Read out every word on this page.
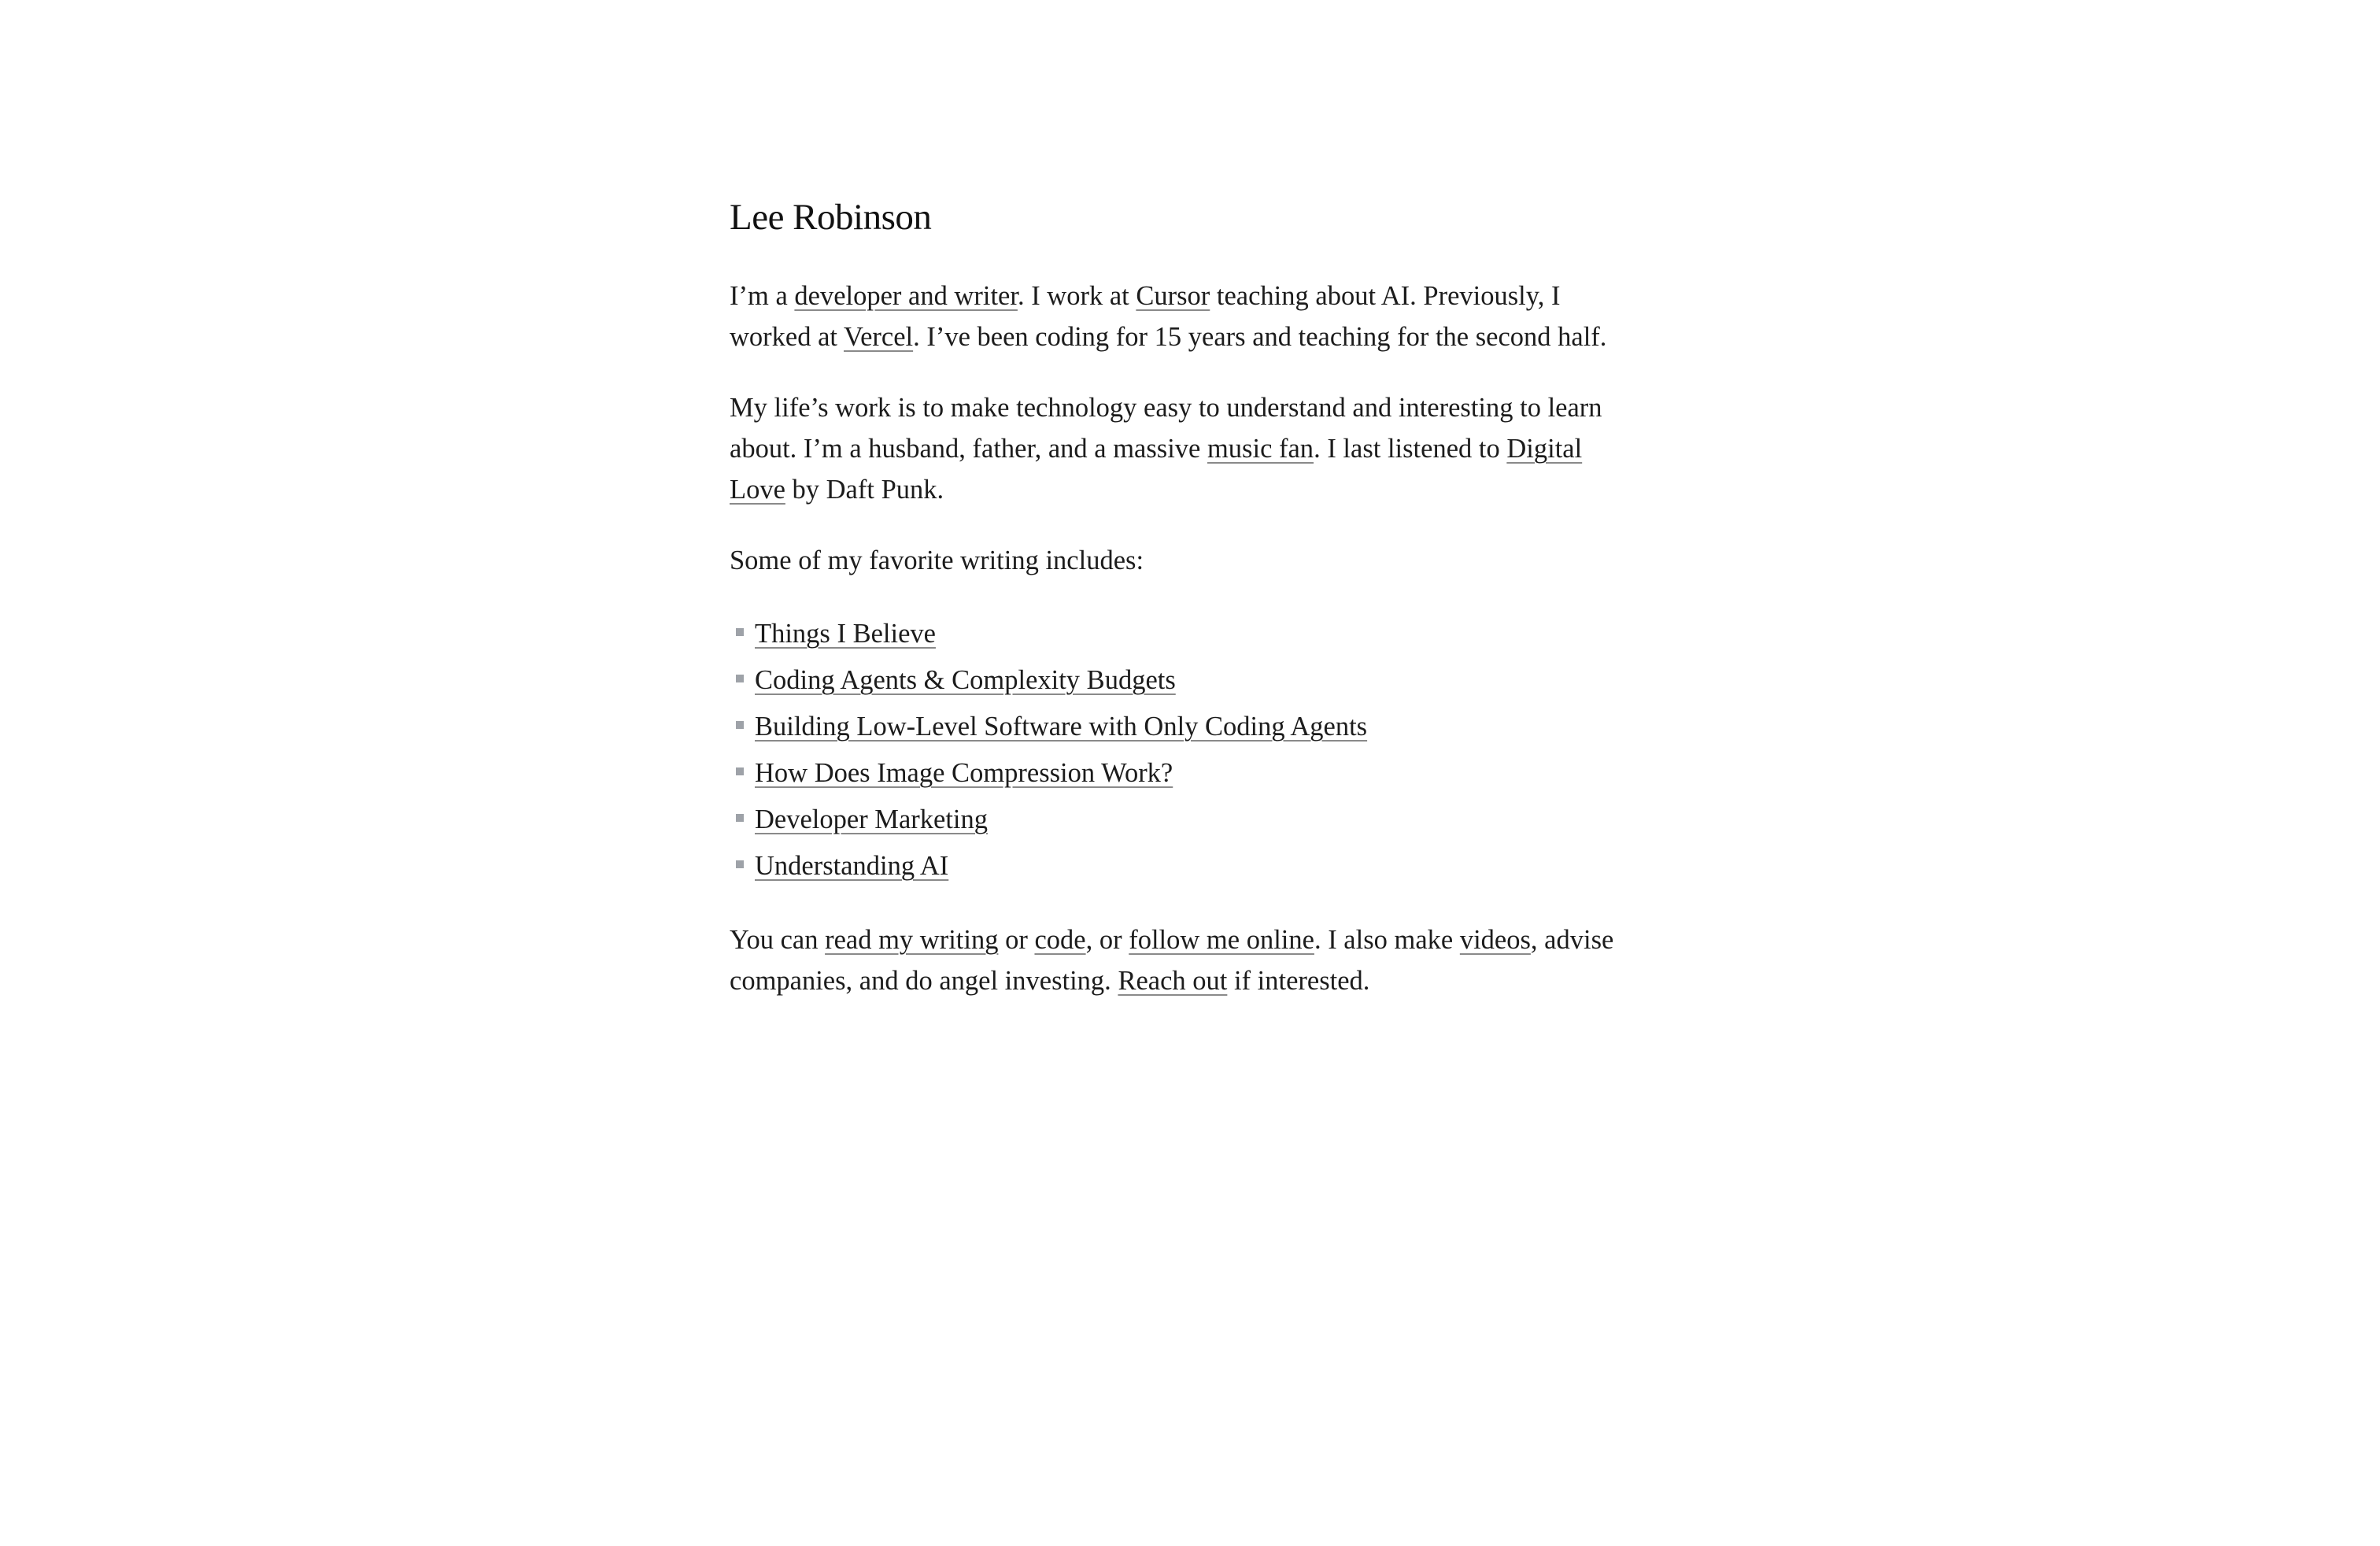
Lee Robinson

I’m a developer and writer. I work at Cursor teaching about AI. Previously, I worked at Vercel. I’ve been coding for 15 years and teaching for the second half.

My life’s work is to make technology easy to understand and interesting to learn about. I’m a husband, father, and a massive music fan. I last listened to Digital Love by Daft Punk.

Some of my favorite writing includes:

Things I Believe
Coding Agents & Complexity Budgets
Building Low-Level Software with Only Coding Agents
How Does Image Compression Work?
Developer Marketing
Understanding AI

You can read my writing or code, or follow me online. I also make videos, advise companies, and do angel investing. Reach out if interested.
